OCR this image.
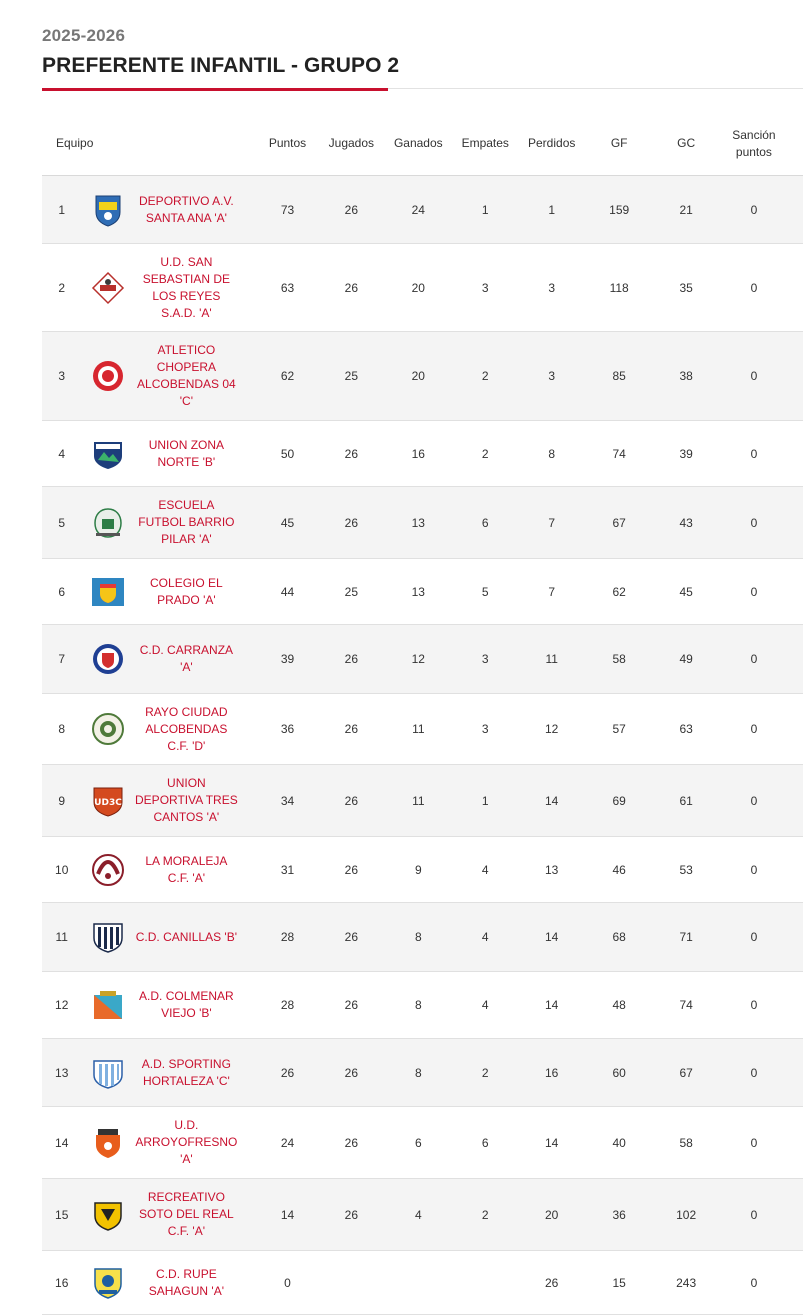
2025-2026
PREFERENTE INFANTIL - GRUPO 2
Equipo			Puntos	Jugados	Ganados	Empates	Perdidos	GF	GC	Sanción puntos
1		DEPORTIVO A.V. SANTA ANA 'A'	73	26	24	1	1	159	21	0
2		U.D. SAN SEBASTIAN DE LOS REYES S.A.D. 'A'	63	26	20	3	3	118	35	0
3		ATLETICO CHOPERA ALCOBENDAS 04 'C'	62	25	20	2	3	85	38	0
4		UNION ZONA NORTE 'B'	50	26	16	2	8	74	39	0
5		ESCUELA FUTBOL BARRIO PILAR 'A'	45	26	13	6	7	67	43	0
6		COLEGIO EL PRADO 'A'	44	25	13	5	7	62	45	0
7		C.D. CARRANZA 'A'	39	26	12	3	11	58	49	0
8		RAYO CIUDAD ALCOBENDAS C.F. 'D'	36	26	11	3	12	57	63	0
9	UD3C	UNION DEPORTIVA TRES CANTOS 'A'	34	26	11	1	14	69	61	0
10		LA MORALEJA C.F. 'A'	31	26	9	4	13	46	53	0
11		C.D. CANILLAS 'B'	28	26	8	4	14	68	71	0
12		A.D. COLMENAR VIEJO 'B'	28	26	8	4	14	48	74	0
13		A.D. SPORTING HORTALEZA 'C'	26	26	8	2	16	60	67	0
14		U.D. ARROYOFRESNO 'A'	24	26	6	6	14	40	58	0
15		RECREATIVO SOTO DEL REAL C.F. 'A'	14	26	4	2	20	36	102	0
16		C.D. RUPE SAHAGUN 'A'	0				26	15	243	0
